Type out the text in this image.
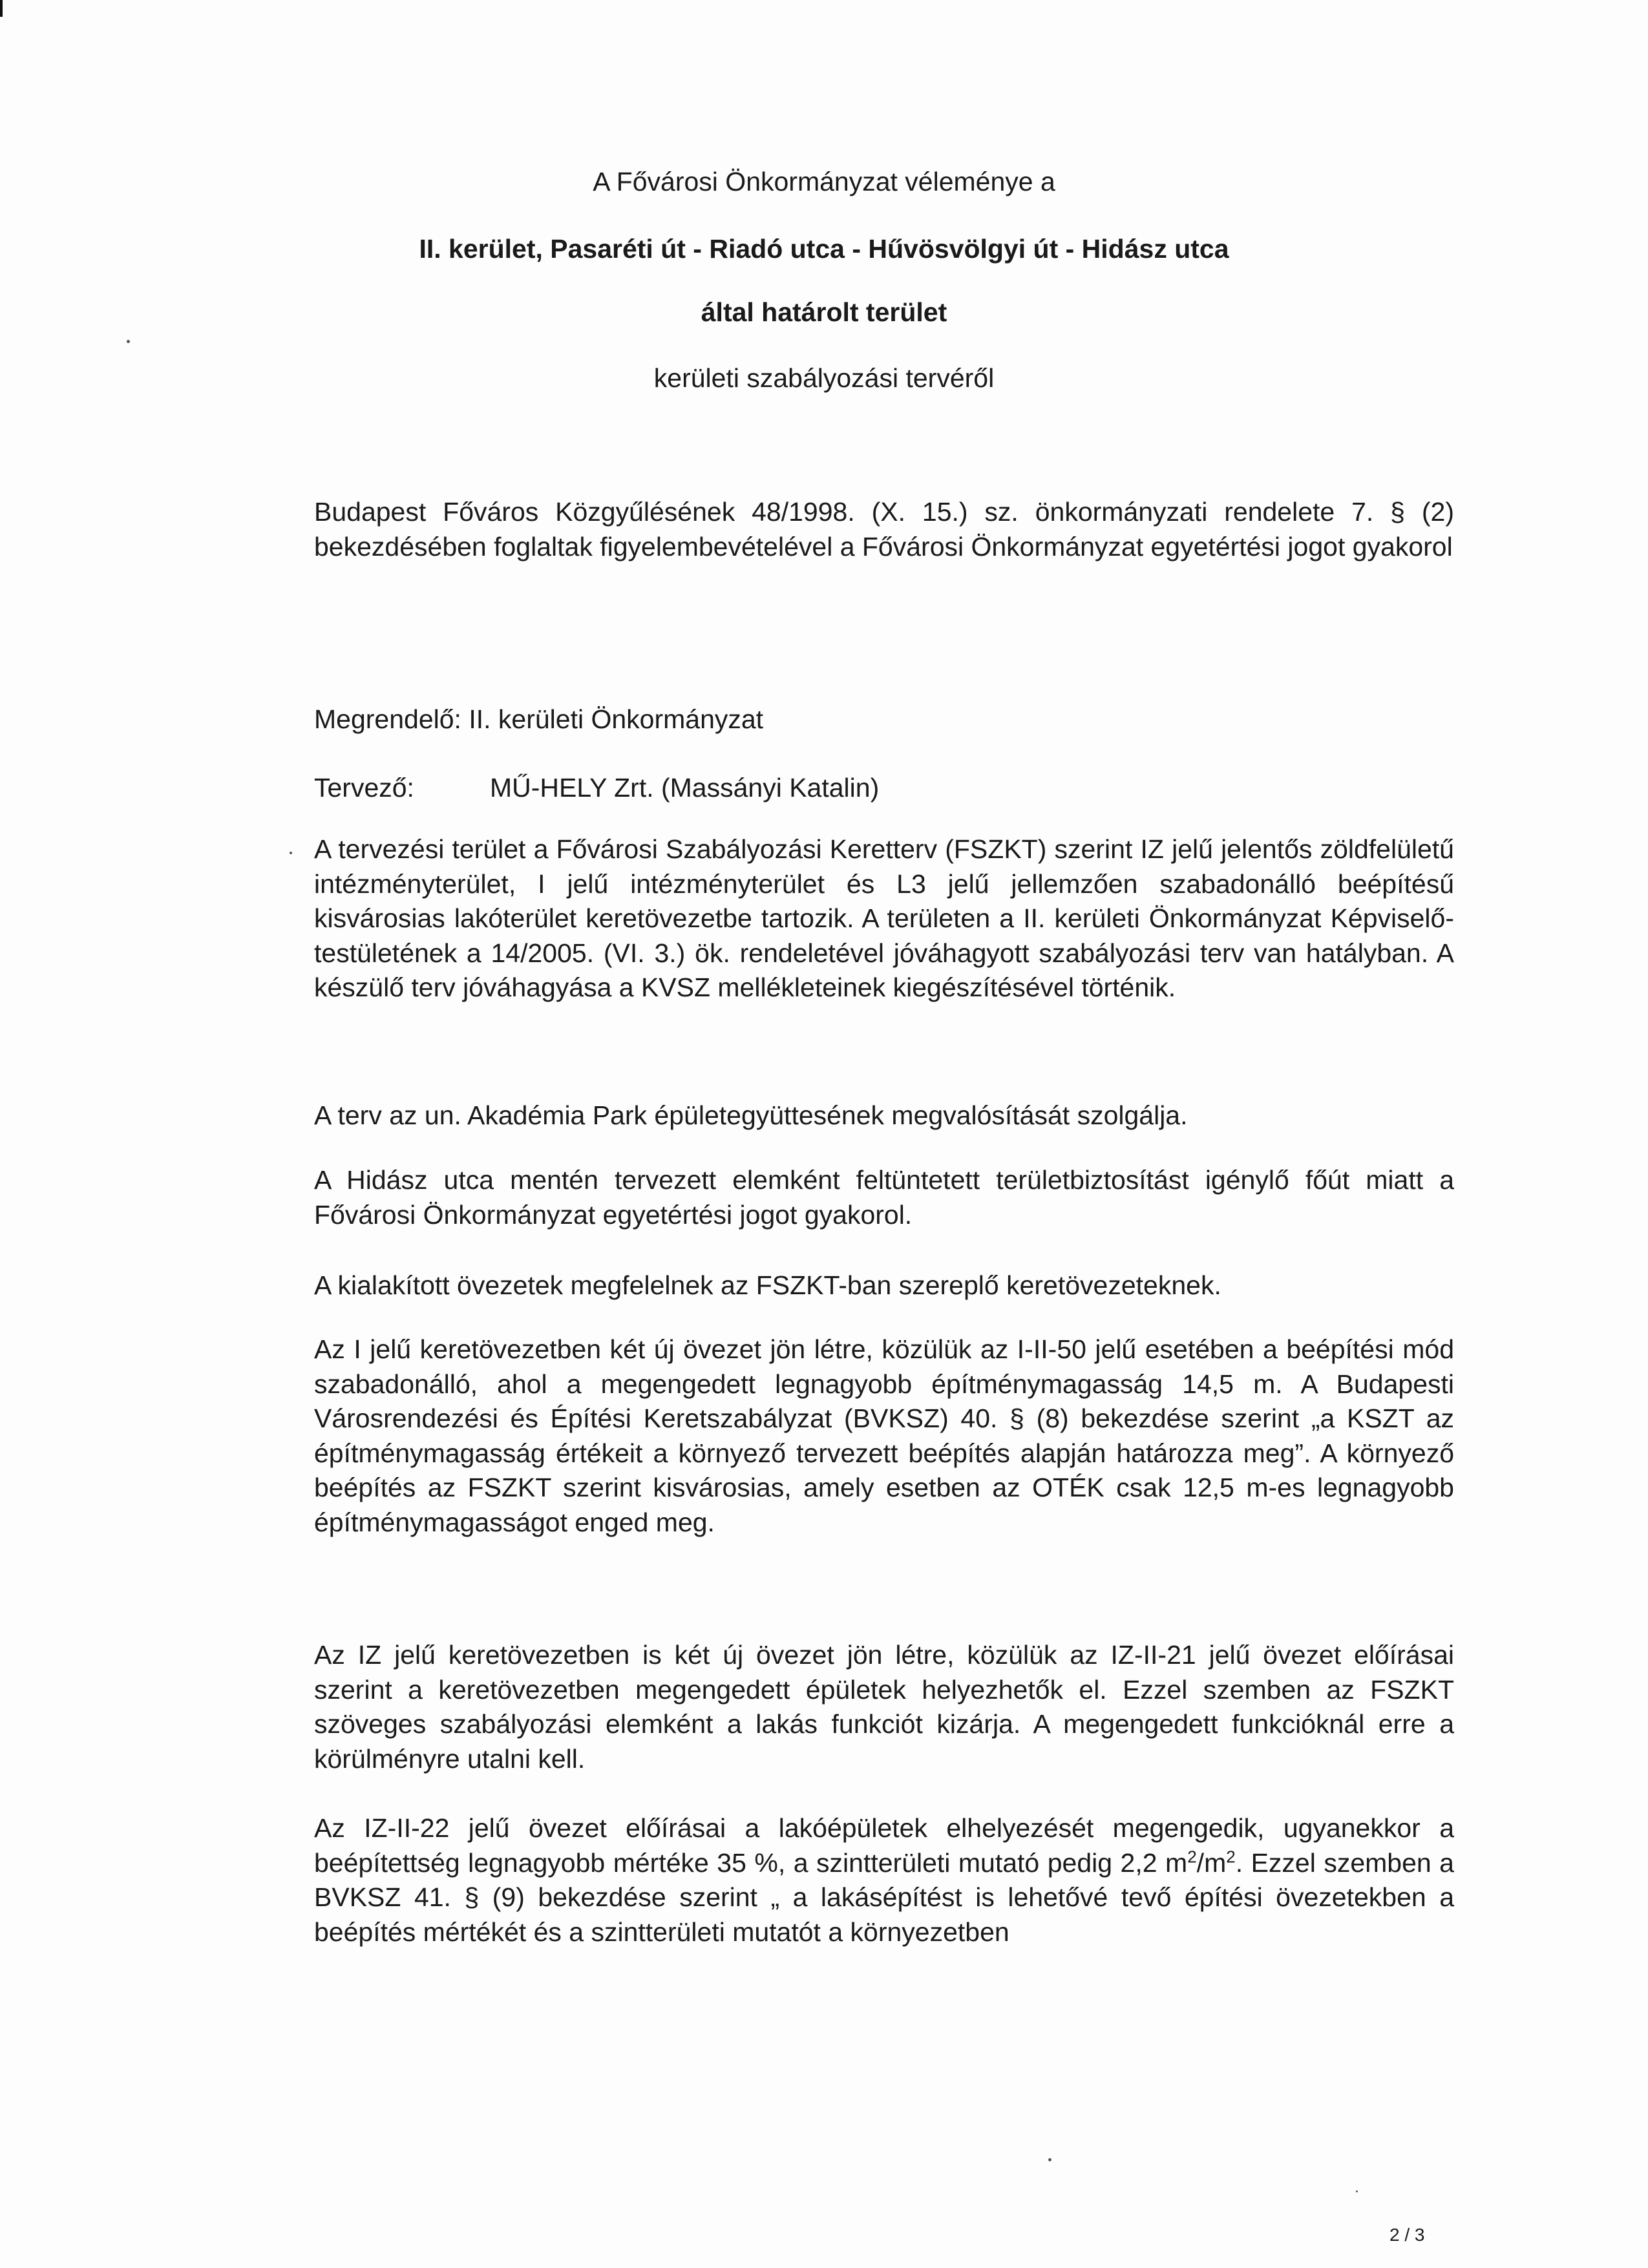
A Fővárosi Önkormányzat véleménye a
II. kerület, Pasaréti út - Riadó utca - Hűvösvölgyi út - Hidász utca
által határolt terület
kerületi szabályozási tervéről
Budapest Főváros Közgyűlésének 48/1998. (X. 15.) sz. önkormányzati rendelete 7. § (2) bekezdésében foglaltak figyelembevételével a Fővárosi Önkormányzat egyetértési jogot gyakorol
Megrendelő: II. kerületi Önkormányzat
Tervező:	MŰ-HELY Zrt. (Massányi Katalin)
A tervezési terület a Fővárosi Szabályozási Keretterv (FSZKT) szerint IZ jelű jelentős zöldfelületű intézményterület, I jelű intézményterület és L3 jelű jellemzően szabadonálló beépítésű kisvárosias lakóterület keretövezetbe tartozik. A területen a II. kerületi Önkormányzat Képviselő-testületének a 14/2005. (VI. 3.) ök. rendeletével jóváhagyott szabályozási terv van hatályban. A készülő terv jóváhagyása a KVSZ mellékleteinek kiegészítésével történik.
A terv az un. Akadémia Park épületegyüttesének megvalósítását szolgálja.
A Hidász utca mentén tervezett elemként feltüntetett területbiztosítást igénylő főút miatt a Fővárosi Önkormányzat egyetértési jogot gyakorol.
A kialakított övezetek megfelelnek az FSZKT-ban szereplő keretövezeteknek.
Az I jelű keretövezetben két új övezet jön létre, közülük az I-II-50 jelű esetében a beépítési mód szabadonálló, ahol a megengedett legnagyobb építménymagasság 14,5 m. A Budapesti Városrendezési és Építési Keretszabályzat (BVKSZ) 40. § (8) bekezdése szerint „a KSZT az építménymagasság értékeit a környező tervezett beépítés alapján határozza meg”. A környező beépítés az FSZKT szerint kisvárosias, amely esetben az OTÉK csak 12,5 m-es legnagyobb építménymagasságot enged meg.
Az IZ jelű keretövezetben is két új övezet jön létre, közülük az IZ-II-21 jelű övezet előírásai szerint a keretövezetben megengedett épületek helyezhetők el. Ezzel szemben az FSZKT szöveges szabályozási elemként a lakás funkciót kizárja. A megengedett funkcióknál erre a körülményre utalni kell.
Az IZ-II-22 jelű övezet előírásai a lakóépületek elhelyezését megengedik, ugyanekkor a beépítettség legnagyobb mértéke 35 %, a szintterületi mutató pedig 2,2 $m^2/m^2$. Ezzel szemben a BVKSZ 41. § (9) bekezdése szerint „ a lakásépítést is lehetővé tevő építési övezetekben a beépítés mértékét és a szintterületi mutatót a környezetben
2 / 3
